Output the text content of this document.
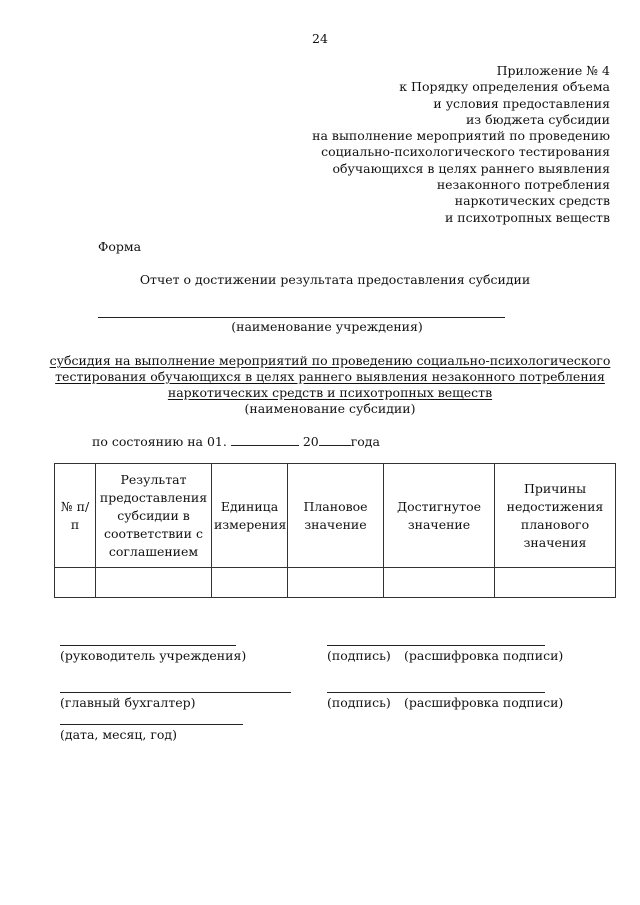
24
Приложение № 4
к Порядку определения объема
и условия предоставления
из бюджета субсидии
на выполнение мероприятий по проведению
социально-психологического тестирования
обучающихся в целях раннего выявления
незаконного потребления
наркотических средств
и психотропных веществ
Форма
Отчет о достижении результата предоставления субсидии
(наименование учреждения)
субсидия на выполнение мероприятий по проведению социально-психологического
тестирования обучающихся в целях раннего выявления незаконного потребления
наркотических средств и психотропных веществ
(наименование субсидии)
по состоянию на 01.	20	года
№ п/п	Результат предоставления субсидии в соответствии с соглашением	Единица измерения	Плановое значение	Достигнутое значение	Причины недостижения планового значения

(руководитель учреждения)	(подпись) (расшифровка подписи)
(главный бухгалтер)	(подпись) (расшифровка подписи)
(дата, месяц, год)
